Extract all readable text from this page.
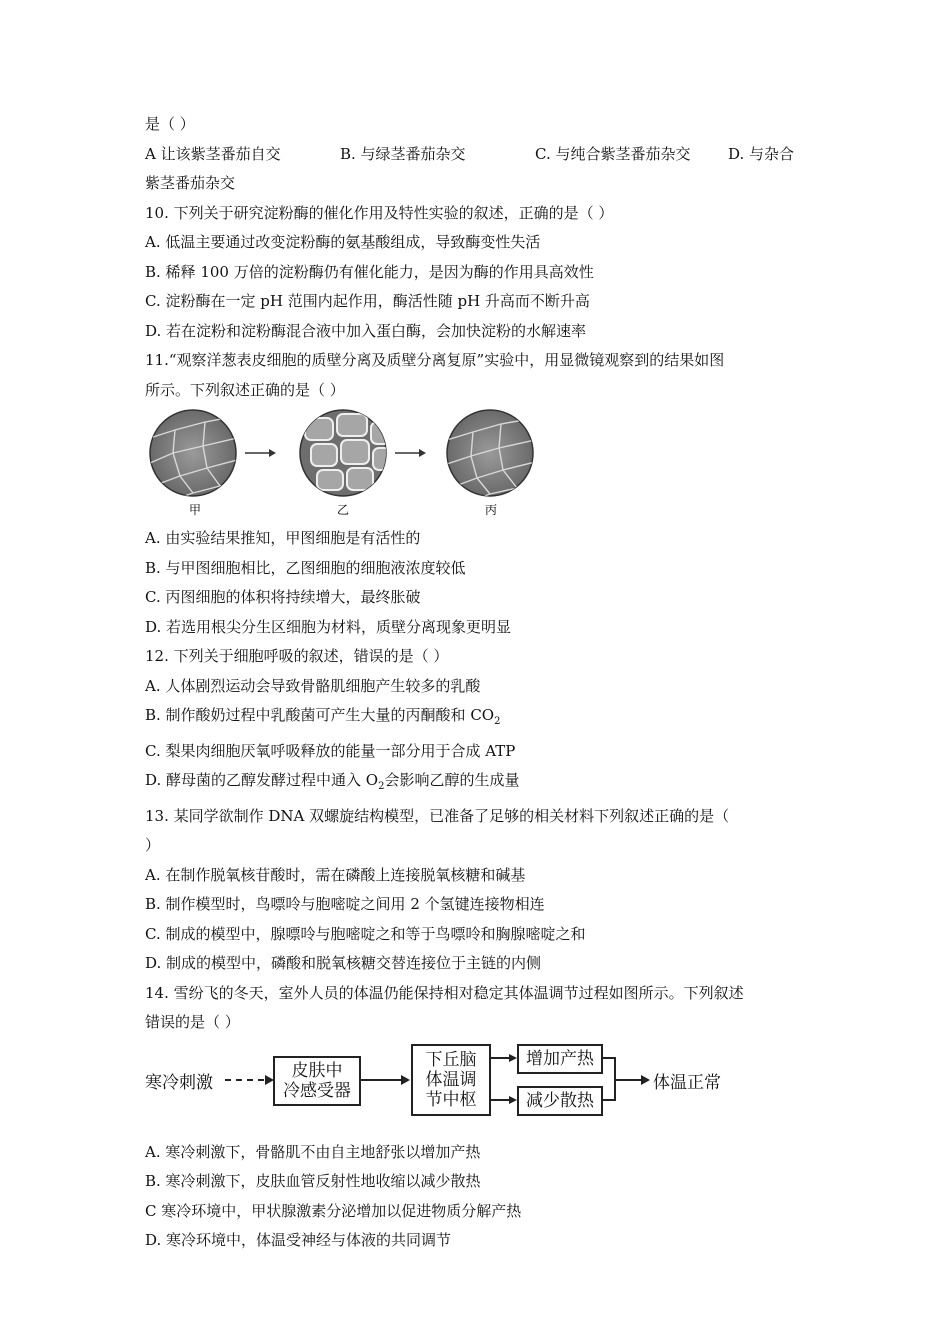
是（ ）
A 让该紫茎番茄自交	B. 与绿茎番茄杂交	C. 与纯合紫茎番茄杂交	D. 与杂合
紫茎番茄杂交
10. 下列关于研究淀粉酶的催化作用及特性实验的叙述，正确的是（ ）
A. 低温主要通过改变淀粉酶的氨基酸组成，导致酶变性失活
B. 稀释 100 万倍的淀粉酶仍有催化能力，是因为酶的作用具高效性
C. 淀粉酶在一定 pH 范围内起作用，酶活性随 pH 升高而不断升高
D. 若在淀粉和淀粉酶混合液中加入蛋白酶，会加快淀粉的水解速率
11.“观察洋葱表皮细胞的质壁分离及质壁分离复原”实验中，用显微镜观察到的结果如图
所示。下列叙述正确的是（ ）
甲	乙	丙
A. 由实验结果推知，甲图细胞是有活性的
B. 与甲图细胞相比，乙图细胞的细胞液浓度较低
C. 丙图细胞的体积将持续增大，最终胀破
D. 若选用根尖分生区细胞为材料，质壁分离现象更明显
12. 下列关于细胞呼吸的叙述，错误的是（ ）
A. 人体剧烈运动会导致骨骼肌细胞产生较多的乳酸
B. 制作酸奶过程中乳酸菌可产生大量的丙酮酸和 $CO_2$
C. 梨果肉细胞厌氧呼吸释放的能量一部分用于合成 ATP
D. 酵母菌的乙醇发酵过程中通入 $O_2$会影响乙醇的生成量
13. 某同学欲制作 DNA 双螺旋结构模型，已准备了足够的相关材料下列叙述正确的是（
）
A. 在制作脱氧核苷酸时，需在磷酸上连接脱氧核糖和碱基
B. 制作模型时，鸟嘌呤与胞嘧啶之间用 2 个氢键连接物相连
C. 制成的模型中，腺嘌呤与胞嘧啶之和等于鸟嘌呤和胸腺嘧啶之和
D. 制成的模型中，磷酸和脱氧核糖交替连接位于主链的内侧
14. 雪纷飞的冬天，室外人员的体温仍能保持相对稳定其体温调节过程如图所示。下列叙述
错误的是（ ）
寒冷刺激
皮肤中
冷感受器
下丘脑
体温调
节中枢
增加产热
减少散热
体温正常
A. 寒冷刺激下，骨骼肌不由自主地舒张以增加产热
B. 寒冷刺激下，皮肤血管反射性地收缩以减少散热
C 寒冷环境中，甲状腺激素分泌增加以促进物质分解产热
D. 寒冷环境中，体温受神经与体液的共同调节
